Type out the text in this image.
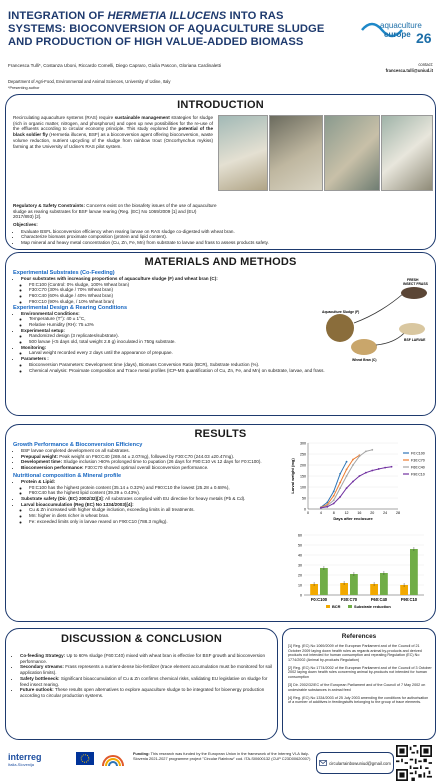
INTEGRATION OF HERMETIA ILLUCENS INTO RAS
SYSTEMS: BIOCONVERSION OF AQUACULTURE SLUDGE
AND PRODUCTION OF HIGH VALUE-ADDED BIOMASS
aquaculture
europe 26
Francesca Tulli*, Costanza Uboni, Riccardo Comelli, Diego Capraro, Giulia Pascon, Gloriana Cardinaletti	contact:
francesca.tulli@uniud.it
Department of Agri-Food, Environmental and Animal Sciences, University of Udine, Italy
*Presenting author
INTRODUCTION
Recirculating aquaculture systems (RAS) require sustainable management strategies for sludge (rich in organic matter, nitrogen, and phosphorus) and open up new possibilities for the re-use of the effluents according to circular economy principle. This study explored the potential of the black soldier fly (Hermetia illucens, BSF) as a bioconversion agent offering bioconversion, waste volume reduction, nutrient upcycling of the sludge from rainbow trout (Oncorhynchus mykiss) farming at the University of Udine's RAS pilot system.
Regulatory & Safety Constraints: Concerns exist on the biosafety issues of the use of aquaculture sludge as rearing substrates for BSF larvae rearing (Reg. (EC) No 1069/2009 [1] and (EU) 2017/893) [2].
Objectives:
• Evaluate BSFL bioconversion efficiency when rearing larvae on RAS sludge co-digested with wheat bran.
• Characterize biomass proximate composition (protein and lipid content).
• Map mineral and heavy metal concentration (Cu, Zn, Fe, Mn) from substrate to larvae and frass to assess products safety.
MATERIALS AND METHODS
Experimental Substrates (Co-Feeding)
• Four substrates with increasing proportions of aquaculture sludge (F) and wheat bran (C):
◦ F0:C100 (Control: 0% sludge, 100% Wheat bran)
◦ F30:C70 (30% sludge / 70% Wheat bran)
◦ F60:C40 (60% sludge / 40% Wheat bran)
◦ F90:C10 (90% sludge, / 10% Wheat bran)
Experimental Design & Rearing Conditions
• Environmental Conditions:
◦ Temperature (T°): 40 ± 1°C,
◦ Relative Humidity (RH): 75 ±3%
• Experimental setup:
◦ Randomized design (3 replicates/substrate).
◦ 500 larvae (<5 days old, total weight 2.8 g) inoculated in 750g substrate.
• Monitoring:
◦ Larval weight recorded every 2 days until the appearance of prepupae.
• Parameters :
◦ Bioconversion Parameters: Development time (days), Biomass Conversion Ratio (BCR), Substrate reduction (%).
◦ Chemical Analysis: Proximate composition and Trace metal profiles (ICP-MS quantification of Cu, Zn, Fe, and Mn) on substrate, larvae, and frass.
FRESH
INSECT FRASS
Aquaculture Sludge (F)
Wheat Bran (C)
BSF LARVAE
RESULTS
Growth Performance & Bioconversion Efficiency
• BSF larvae completed development on all substrates.
• Prepupal weight: Peak weight on F60:C40 (269.44 ± 2.07mg), followed by F30:C70 (244.03 ±20.47mg).
• Development time: Sludge inclusion >60% prolonged time to pupation (26 days for F90:C10 vs 12 days for F0:C100).
• Bioconversion performance: F30:C70 showed optimal overall bioconversion performance.
Nutritional composition & Mineral profile
• Protein & Lipid:
◦ F0:C100 has the highest protein content (35.14 ± 0.32%) and F90:C10 the lowest (25.28 ± 0.68%),
◦ F60:C40 has the highest lipid content (39.39 ± 0.43%).
• Substrate safety (Dir. (EC) 2002/32)[3]: All substrates complied with EU directive for heavy metals (Pb & Cd).
• Larval bioaccumulation (Reg (EC) No 1334/2003)[4]:
◦ Cu & Zn increased with higher sludge inclusion, exceeding limits in all treatments.
◦ Mn: higher in diets richer in wheat bran.
◦ Fe: exceeded limits only in larvae reared on F90:C10 (788.3 mg/kg).
0
50
100
150
200
250
300
0	4	8	12 16 20 24 28
Days after enclosure
Larval weight (mg)
F0:C100
F30:C70
F60:C40
F90:C10
0
10
20
30
40
50
60
F0:C100	F30:C70	F60:C40	F90:C10
BCR	Substrate reduction
DISCUSSION & CONCLUSION
• Co-feeding Strategy: Up to 60% sludge (F60:C40) mixed with wheat bran is effective for BSF growth and bioconversion performance.
• Secondary streams: Frass represents a nutrient-dense bio-fertilizer (trace element accumulation must be monitored for soil application limits).
• Safety bottleneck: Significant bioaccumulation of Cu & Zn confirms chemical risks, validating EU legislative on sludge for feed insect rearing.
• Future outlook: These results open alternatives to explore aquaculture sludge to be integrated for bioenergy production according to circular production systems.
References

[1] Reg. (EC) No 1069/2009 of the European Parliament and of the Council of 21 October 2009 laying down health rules as regards animal by-products and derived products not intended for human consumption and repealing Regulation (EC) No 1774/2002 (Animal by-products Regulation)

[2] Reg. (EC) No 1774/2002 of the European Parliament and of the Council of 3 October 2002 laying down health rules concerning animal by-products not intended for human consumption

[3] Dir. 2002/32/EC of the European Parliament and of the Council of 7 May 2002 on undesirable substances in animal feed

[4] Reg. (EC) No 1334/2003 of 25 July 2003 amending the conditions for authorisation of a number of additives in feedingstuffs belonging to the group of trace elements.

interreg
Italia-Slovenija
Funding: This research was funded by the European Union in the framework of the Interreg VI-A Italy-Slovenia 2021-2027 programme project "Circular Rainbow" cod. ITA-SI0600132 (CUP C23D00620007)
circularrainbowuniud@gmail.com
